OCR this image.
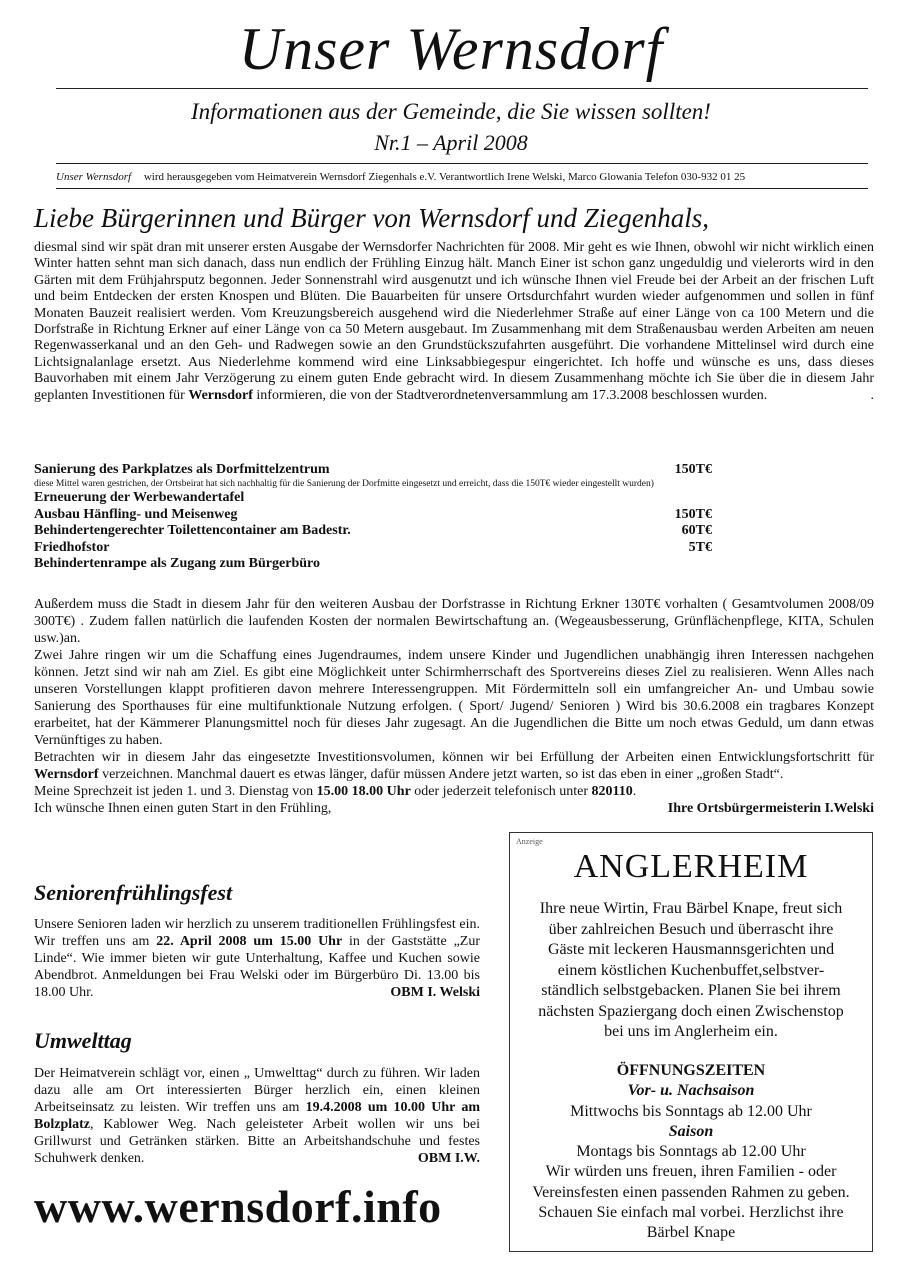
Unser Wernsdorf
Informationen aus der Gemeinde, die Sie wissen sollten!
Nr.1 – April 2008
Unser Wernsdorf wird herausgegeben vom Heimatverein Wernsdorf Ziegenhals e.V. Verantwortlich Irene Welski, Marco Glowania Telefon 030-932 01 25
Liebe Bürgerinnen und Bürger von Wernsdorf und Ziegenhals,
diesmal sind wir spät dran mit unserer ersten Ausgabe der Wernsdorfer Nachrichten für 2008. Mir geht es wie Ihnen, obwohl wir nicht wirklich einen Winter hatten sehnt man sich danach, dass nun endlich der Frühling Einzug hält. Manch Einer ist schon ganz ungeduldig und vielerorts wird in den Gärten mit dem Frühjahrsputz begonnen. Jeder Sonnenstrahl wird ausgenutzt und ich wünsche Ihnen viel Freude bei der Arbeit an der frischen Luft und beim Entdecken der ersten Knospen und Blüten. Die Bauarbeiten für unsere Ortsdurchfahrt wurden wieder aufgenommen und sollen in fünf Monaten Bauzeit realisiert werden. Vom Kreuzungsbereich ausgehend wird die Niederlehmer Straße auf einer Länge von ca 100 Metern und die Dorfstraße in Richtung Erkner auf einer Länge von ca 50 Metern ausgebaut. Im Zusammenhang mit dem Straßenausbau werden Arbeiten am neuen Regenwasserkanal und an den Geh- und Radwegen sowie an den Grundstückszufahrten ausgeführt. Die vorhandene Mittelinsel wird durch eine Lichtsignalanlage ersetzt. Aus Niederlehme kommend wird eine Linksabbiegespur eingerichtet. Ich hoffe und wünsche es uns, dass dieses Bauvorhaben mit einem Jahr Verzögerung zu einem guten Ende gebracht wird. In diesem Zusammenhang möchte ich Sie über die in diesem Jahr geplanten Investitionen für Wernsdorf informieren, die von der Stadtverordnetenversammlung am 17.3.2008 beschlossen wurden.	.
Sanierung des Parkplatzes als Dorfmittelzentrum	150T€
diese Mittel waren gestrichen, der Ortsbeirat hat sich nachhaltig für die Sanierung der Dorfmitte eingesetzt und erreicht, dass die 150T€ wieder eingestellt wurden)
Erneuerung der Werbewandertafel
Ausbau Hänfling- und Meisenweg	150T€
Behindertengerechter Toilettencontainer am Badestr.	60T€
Friedhofstor	5T€
Behindertenrampe als Zugang zum Bürgerbüro
Außerdem muss die Stadt in diesem Jahr für den weiteren Ausbau der Dorfstrasse in Richtung Erkner 130T€ vorhalten ( Gesamtvolumen 2008/09 300T€) . Zudem fallen natürlich die laufenden Kosten der normalen Bewirtschaftung an. (Wegeausbesserung, Grünflächenpflege, KITA, Schulen usw.)an.
Zwei Jahre ringen wir um die Schaffung eines Jugendraumes, indem unsere Kinder und Jugendlichen unabhängig ihren Interessen nachgehen können. Jetzt sind wir nah am Ziel. Es gibt eine Möglichkeit unter Schirmherrschaft des Sportvereins dieses Ziel zu realisieren. Wenn Alles nach unseren Vorstellungen klappt profitieren davon mehrere Interessengruppen. Mit Fördermitteln soll ein umfangreicher An- und Umbau sowie Sanierung des Sporthauses für eine multifunktionale Nutzung erfolgen. ( Sport/ Jugend/ Senioren ) Wird bis 30.6.2008 ein tragbares Konzept erarbeitet, hat der Kämmerer Planungsmittel noch für dieses Jahr zugesagt. An die Jugendlichen die Bitte um noch etwas Geduld, um dann etwas Vernünftiges zu haben.
Betrachten wir in diesem Jahr das eingesetzte Investitionsvolumen, können wir bei Erfüllung der Arbeiten einen Entwicklungsfortschritt für Wernsdorf verzeichnen. Manchmal dauert es etwas länger, dafür müssen Andere jetzt warten, so ist das eben in einer „großen Stadt“.
Meine Sprechzeit ist jeden 1. und 3. Dienstag von 15.00 18.00 Uhr oder jederzeit telefonisch unter 820110.
Ich wünsche Ihnen einen guten Start in den Frühling,	Ihre Ortsbürgermeisterin I.Welski
Seniorenfrühlingsfest
Unsere Senioren laden wir herzlich zu unserem traditionellen Frühlingsfest ein. Wir treffen uns am 22. April 2008 um 15.00 Uhr in der Gaststätte „Zur Linde“. Wie immer bieten wir gute Unterhaltung, Kaffee und Kuchen sowie Abendbrot. Anmeldungen bei Frau Welski oder im Bürgerbüro Di. 13.00 bis 18.00 Uhr.	OBM I. Welski
Umwelttag
Der Heimatverein schlägt vor, einen „ Umwelttag“ durch zu führen. Wir laden dazu alle am Ort interessierten Bürger herzlich ein, einen kleinen Arbeitseinsatz zu leisten. Wir treffen uns am 19.4.2008 um 10.00 Uhr am Bolzplatz, Kablower Weg. Nach geleisteter Arbeit wollen wir uns bei Grillwurst und Getränken stärken. Bitte an Arbeitshandschuhe und festes Schuhwerk denken.	OBM I.W.
www.wernsdorf.info
Anzeige
ANGLERHEIM
Ihre neue Wirtin, Frau Bärbel Knape, freut sich
über zahlreichen Besuch und überrascht ihre
Gäste mit leckeren Hausmannsgerichten und
einem köstlichen Kuchenbuffet,selbstver-
ständlich selbstgebacken. Planen Sie bei ihrem
nächsten Spaziergang doch einen Zwischenstop
bei uns im Anglerheim ein.
ÖFFNUNGSZEITEN
Vor- u. Nachsaison
Mittwochs bis Sonntags ab 12.00 Uhr
Saison
Montags bis Sonntags ab 12.00 Uhr
Wir würden uns freuen, ihren Familien - oder
Vereinsfesten einen passenden Rahmen zu geben.
Schauen Sie einfach mal vorbei. Herzlichst ihre
Bärbel Knape
